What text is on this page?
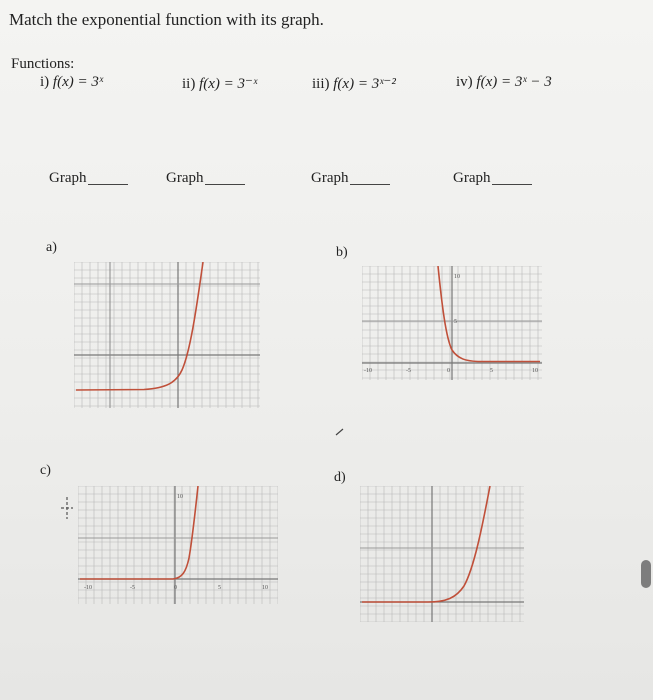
Match the exponential function with its graph.
Functions:
i) f(x) = 3ˣ	ii) f(x) = 3⁻ˣ	iii) f(x) = 3ˣ⁻²	iv) f(x) = 3ˣ − 3
Graph	Graph	Graph	Graph
a)	b)
c)	d)
10
5
-10	-5	0	5	10
10
-10	-5	0	5	10
